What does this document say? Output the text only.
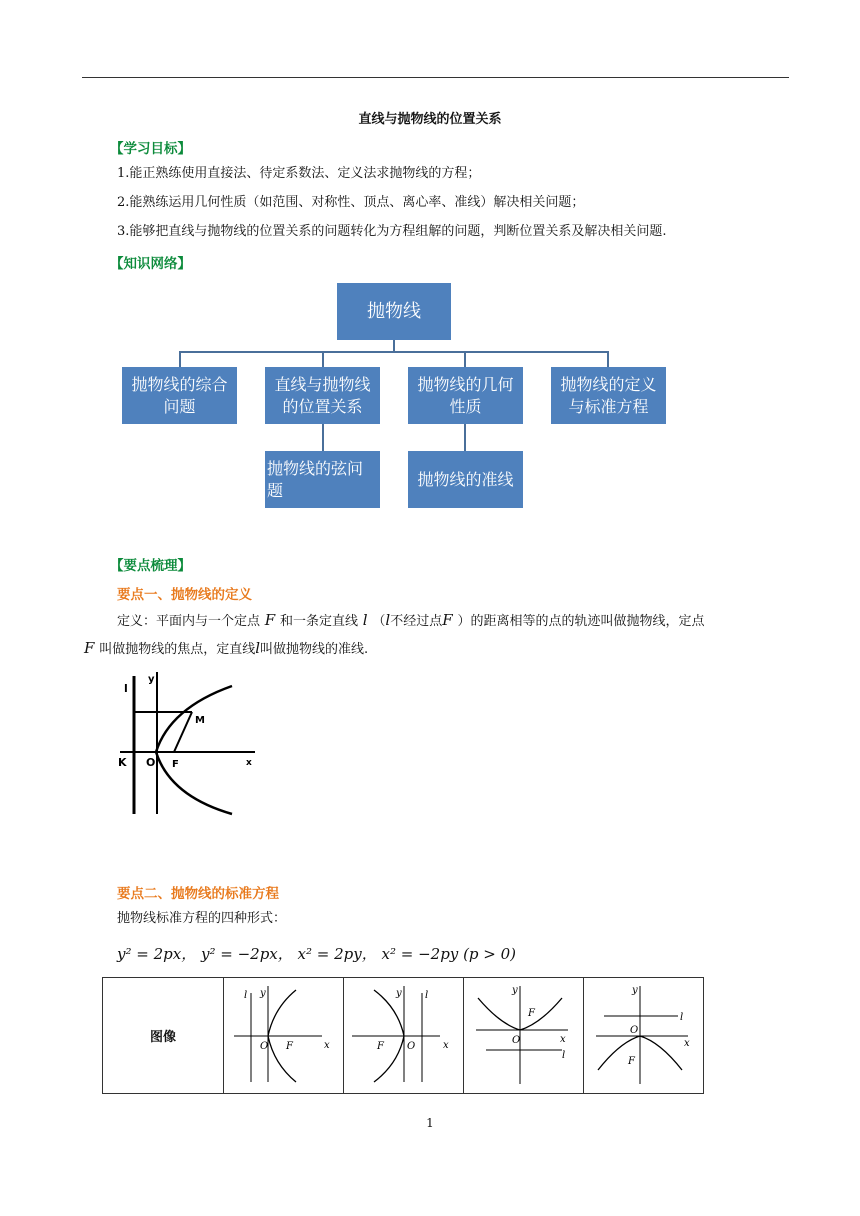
直线与抛物线的位置关系
【学习目标】
1.能正熟练使用直接法、待定系数法、定义法求抛物线的方程；
2.能熟练运用几何性质（如范围、对称性、顶点、离心率、准线）解决相关问题；
3.能够把直线与抛物线的位置关系的问题转化为方程组解的问题，判断位置关系及解决相关问题.
【知识网络】
抛物线
抛物线的综合问题
直线与抛物线的位置关系
抛物线的几何性质
抛物线的定义与标准方程
抛物线的弦问题
抛物线的准线
【要点梳理】
要点一、抛物线的定义
定义：平面内与一个定点 F 和一条定直线 l （l不经过点F ）的距离相等的点的轨迹叫做抛物线，定点
F 叫做抛物线的焦点，定直线l叫做抛物线的准线.
l
y
M
K O F	x
要点二、抛物线的标准方程
抛物线标准方程的四种形式：
y² = 2px， y² = −2px， x² = 2py， x² = −2py (p > 0)
图像	
l y
O F	x

y l
F O	x

y
F
O	x
l

y
l
O
x
F
1
